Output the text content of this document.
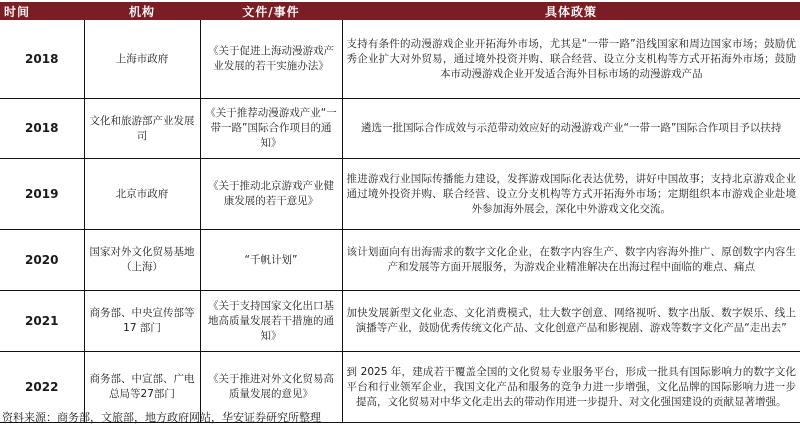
时间	机构	文件/事件	具体政策
2018	上海市政府	《关于促进上海动漫游戏产业发展的若干实施办法》	支持有条件的动漫游戏企业开拓海外市场，尤其是“一带一路”沿线国家和周边国家市场；鼓励优秀企业扩大对外贸易，通过境外投资并购、联合经营、设立分支机构等方式开拓海外市场；鼓励本市动漫游戏企业开发适合海外目标市场的动漫游戏产品
2018	文化和旅游部产业发展司	《关于推荐动漫游戏产业“一带一路”国际合作项目的通知》	遴选一批国际合作成效与示范带动效应好的动漫游戏产业“一带一路”国际合作项目予以扶持
2019	北京市政府	《关于推动北京游戏产业健康发展的若干意见》	推进游戏行业国际传播能力建设，发挥游戏国际化表达优势，讲好中国故事；支持北京游戏企业通过境外投资并购、联合经营、设立分支机构等方式开拓海外市场；定期组织本市游戏企业赴境外参加海外展会，深化中外游戏文化交流。
2020	国家对外文化贸易基地（上海）	“千帆计划”	该计划面向有出海需求的数字文化企业，在数字内容生产、数字内容海外推广、原创数字内容生产和发展等方面开展服务，为游戏企业精准解决在出海过程中面临的难点、痛点
2021	商务部、中央宣传部等 17 部门	《关于支持国家文化出口基地高质量发展若干措施的通知》	加快发展新型文化业态、文化消费模式，壮大数字创意、网络视听、数字出版、数字娱乐、线上演播等产业，鼓励优秀传统文化产品、文化创意产品和影视剧、游戏等数字文化产品“走出去”
2022	商务部、中宣部、广电总局等27部门	《关于推进对外文化贸易高质量发展的意见》	到 2025 年，建成若干覆盖全国的文化贸易专业服务平台，形成一批具有国际影响力的数字文化平台和行业领军企业，我国文化产品和服务的竞争力进一步增强，文化品牌的国际影响力进一步提高，文化贸易对中华文化走出去的带动作用进一步提升、对文化强国建设的贡献显著增强。
资料来源：商务部，文旅部，地方政府网站，华安证券研究所整理
